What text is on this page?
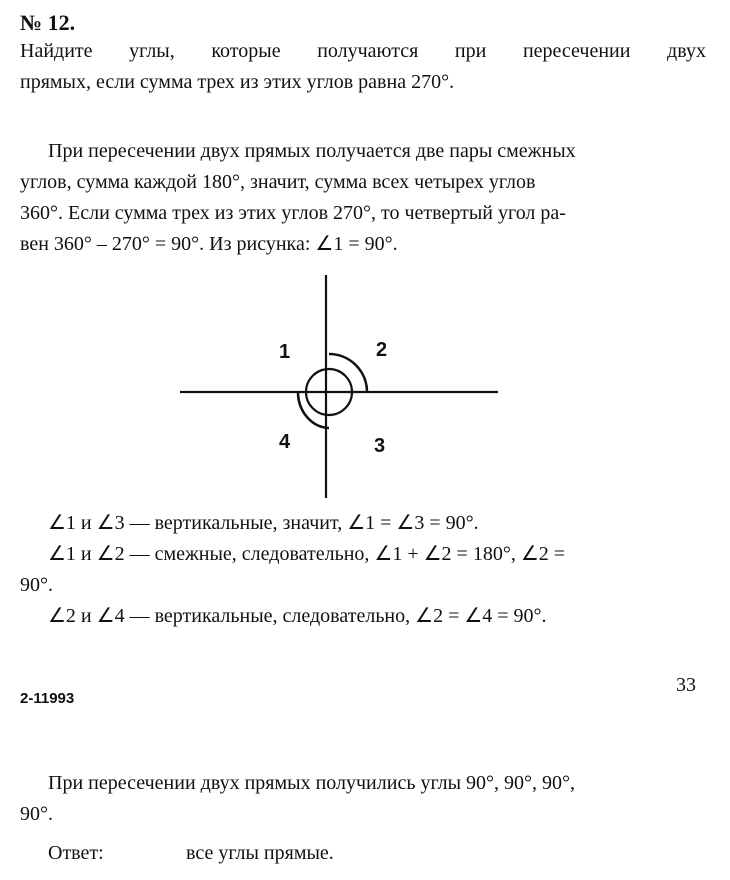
№ 12.
Найдите углы, которые получаются при пересечении двух
прямых, если сумма трех из этих углов равна 270°.
При пересечении двух прямых получается две пары смежных
углов, сумма каждой 180°, значит, сумма всех четырех углов
360°. Если сумма трех из этих углов 270°, то четвертый угол ра-
вен 360° – 270° = 90°. Из рисунка: ∠1 = 90°.
1	2
3
4
∠1 и ∠3 — вертикальные, значит, ∠1 = ∠3 = 90°.
∠1 и ∠2 — смежные, следовательно, ∠1 + ∠2 = 180°, ∠2 =
90°.
∠2 и ∠4 — вертикальные, следовательно, ∠2 = ∠4 = 90°.
2-11993
33
При пересечении двух прямых получились углы 90°, 90°, 90°,
90°.
Ответ:	все углы прямые.
